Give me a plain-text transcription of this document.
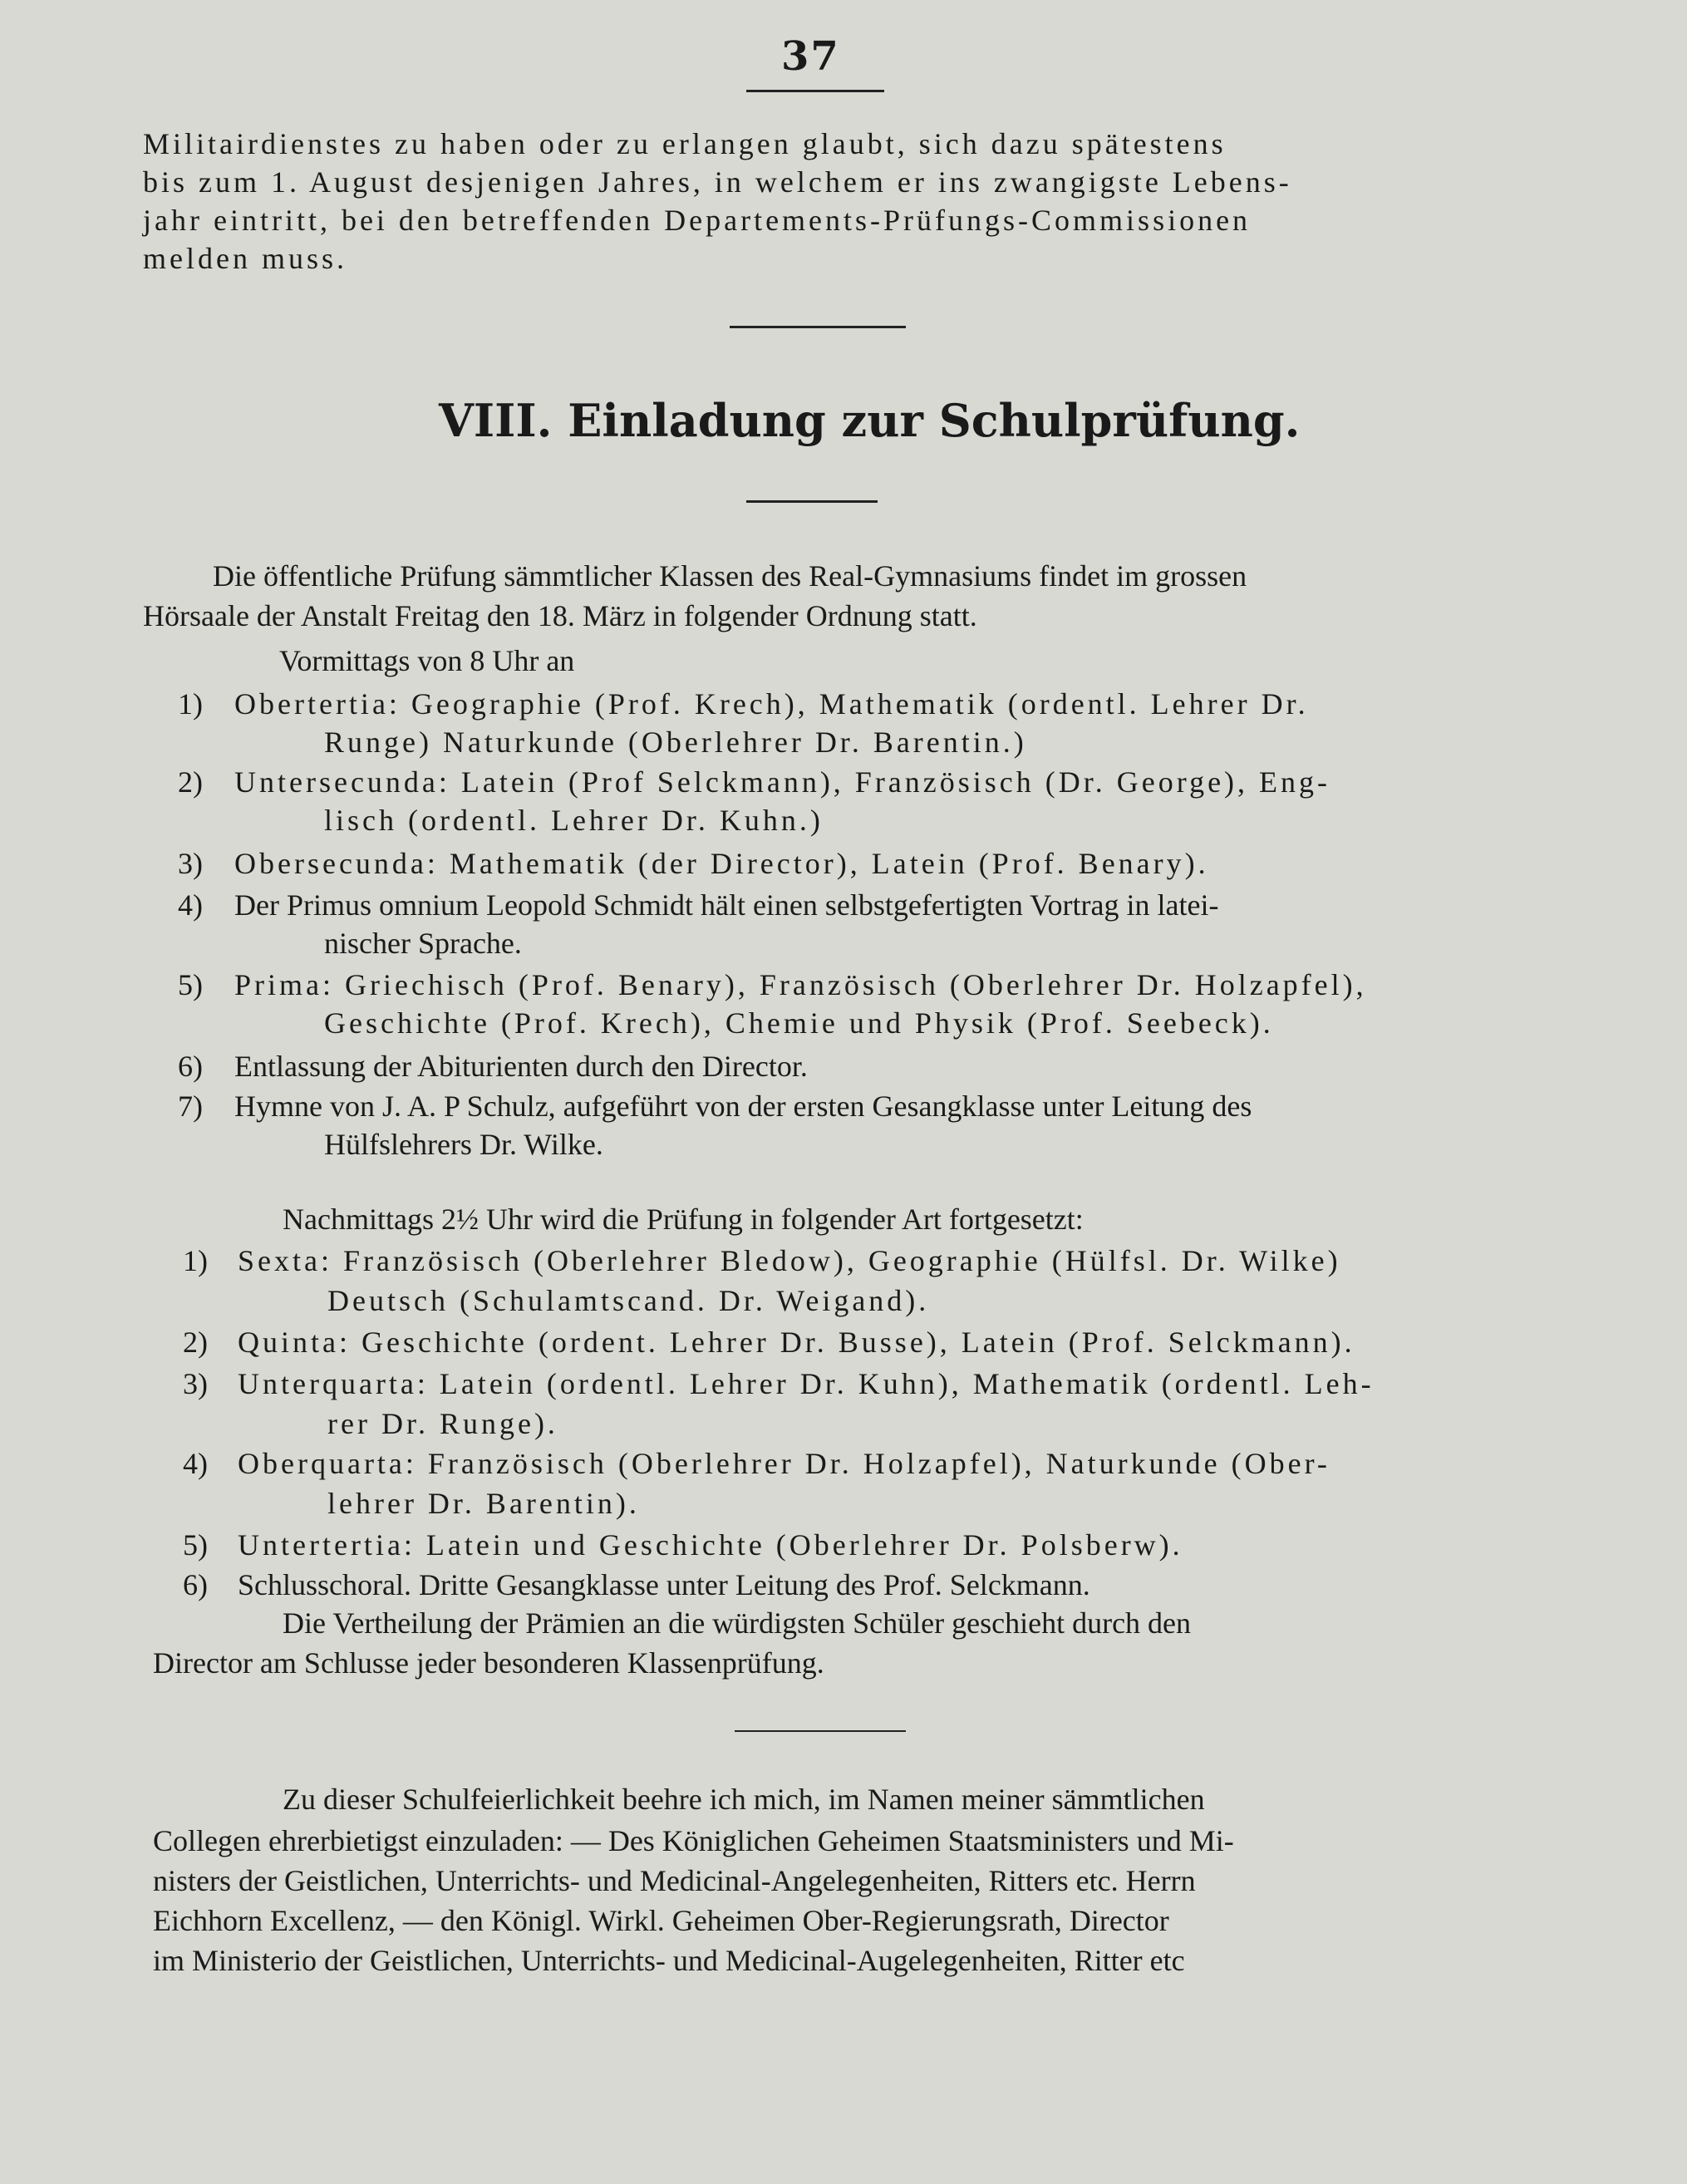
37
Militairdienstes zu haben oder zu erlangen glaubt, sich dazu spätestens
bis zum 1. August desjenigen Jahres, in welchem er ins zwangigste Lebens-
jahr eintritt, bei den betreffenden Departements-Prüfungs-Commissionen
melden muss.
VIII. Einladung zur Schulprüfung.
Die öffentliche Prüfung sämmtlicher Klassen des Real-Gymnasiums findet im grossen
Hörsaale der Anstalt Freitag den 18. März in folgender Ordnung statt.
Vormittags von 8 Uhr an
1) Obertertia: Geographie (Prof. Krech), Mathematik (ordentl. Lehrer Dr.
Runge) Naturkunde (Oberlehrer Dr. Barentin.)
2) Untersecunda: Latein (Prof Selckmann), Französisch (Dr. George), Eng-
lisch (ordentl. Lehrer Dr. Kuhn.)
3) Obersecunda: Mathematik (der Director), Latein (Prof. Benary).
4) Der Primus omnium Leopold Schmidt hält einen selbstgefertigten Vortrag in latei-
nischer Sprache.
5) Prima: Griechisch (Prof. Benary), Französisch (Oberlehrer Dr. Holzapfel),
Geschichte (Prof. Krech), Chemie und Physik (Prof. Seebeck).
6) Entlassung der Abiturienten durch den Director.
7) Hymne von J. A. P Schulz, aufgeführt von der ersten Gesangklasse unter Leitung des
Hülfslehrers Dr. Wilke.
Nachmittags 2½ Uhr wird die Prüfung in folgender Art fortgesetzt:
1) Sexta: Französisch (Oberlehrer Bledow), Geographie (Hülfsl. Dr. Wilke)
Deutsch (Schulamtscand. Dr. Weigand).
2) Quinta: Geschichte (ordent. Lehrer Dr. Busse), Latein (Prof. Selckmann).
3) Unterquarta: Latein (ordentl. Lehrer Dr. Kuhn), Mathematik (ordentl. Leh-
rer Dr. Runge).
4) Oberquarta: Französisch (Oberlehrer Dr. Holzapfel), Naturkunde (Ober-
lehrer Dr. Barentin).
5) Untertertia: Latein und Geschichte (Oberlehrer Dr. Polsberw).
6) Schlusschoral. Dritte Gesangklasse unter Leitung des Prof. Selckmann.
Die Vertheilung der Prämien an die würdigsten Schüler geschieht durch den
Director am Schlusse jeder besonderen Klassenprüfung.
Zu dieser Schulfeierlichkeit beehre ich mich, im Namen meiner sämmtlichen
Collegen ehrerbietigst einzuladen: — Des Königlichen Geheimen Staatsministers und Mi-
nisters der Geistlichen, Unterrichts- und Medicinal-Angelegenheiten, Ritters etc. Herrn
Eichhorn Excellenz, — den Königl. Wirkl. Geheimen Ober-Regierungsrath, Director
im Ministerio der Geistlichen, Unterrichts- und Medicinal-Augelegenheiten, Ritter etc
